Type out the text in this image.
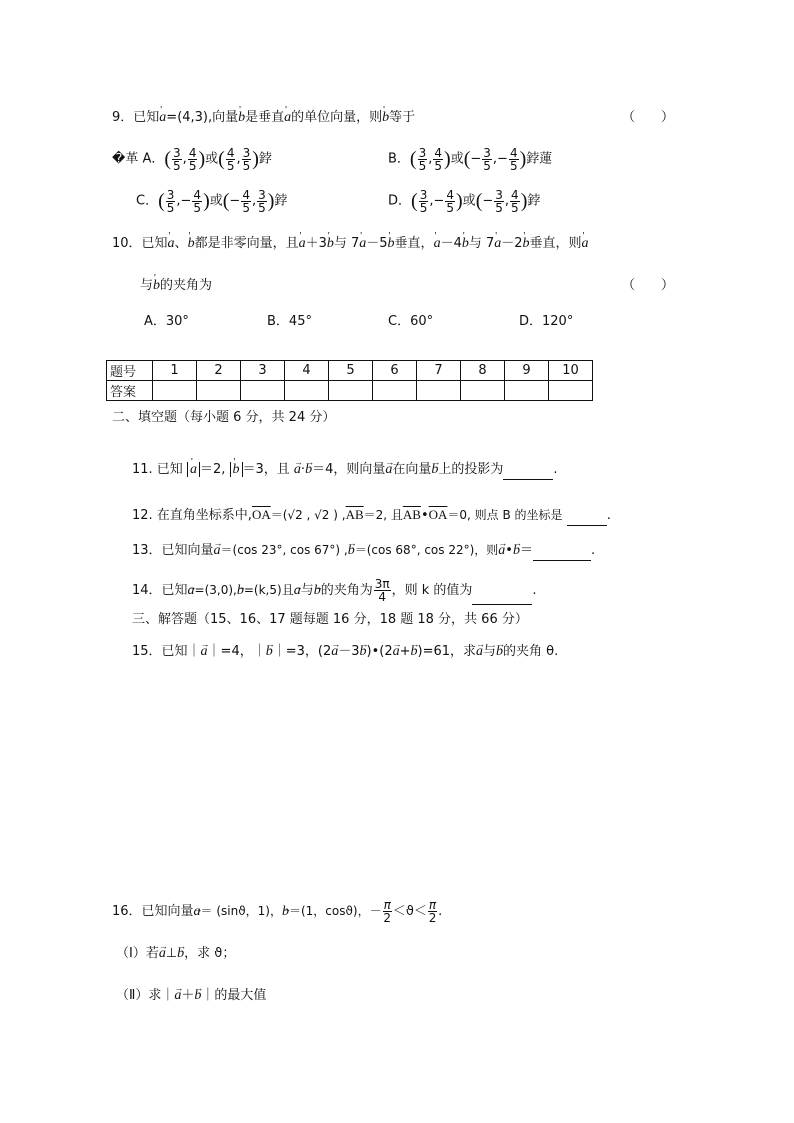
9．已知' a=(4,3),向量' b是垂直' a的单位向量，则' b等于	（　　）
�革 A．( $\frac{3}{5}$ , $\frac{4}{5}$ )或( $\frac{4}{5}$ , $\frac{3}{5}$ )鋍	B．( $\frac{3}{5}$ , $\frac{4}{5}$ )或(− $\frac{3}{5}$ ,− $\frac{4}{5}$ )鋍蓮
C．( $\frac{3}{5}$ ,− $\frac{4}{5}$ )或(− $\frac{4}{5}$ , $\frac{3}{5}$ )鋍	D．( $\frac{3}{5}$ ,− $\frac{4}{5}$ )或(− $\frac{3}{5}$ , $\frac{4}{5}$ )鋍
10．已知' a、' b都是非零向量，且' a＋3' b与 7' a－5' b垂直，' a－4' b与 7' a－2' b垂直，则' a
与' b的夹角为	（　　）
A．30°	B．45°	C．60°	D．120°
题号	1	2	3	4	5	6	7	8	9	10
答案										
二、填空题（每小题 6 分，共 24 分）
11. 已知 ' a ＝2, ' b ＝3，且 → a·→ b＝4，则向量→ a在向量→ b上的投影为	.
12. 在直角坐标系中$,\overline{OA}=(√2$ , √2 ) $,\overline{AB}=2$, 且$\overline{AB}•\overline{OA}=0$, 则点 B 的坐标是	.
13．已知向量→ a＝(cos 23°, cos 67°) ,→ b＝(cos 68°, cos 22°)，则→ a•→ b＝	.
14．已知→ a=(3,0),→ b=(k,5)且→ a与→ b的夹角为 $\frac{3\pi}{4}$ ，则 k 的值为	.
三、解答题（15、16、17 题每题 16 分，18 题 18 分，共 66 分）
15．已知｜→ a｜=4，｜→ b｜=3，(2→ a－3→ b)•(2→ a+→ b)=61，求→ a与→ b的夹角 θ.
16．已知向量→ a＝ (sinϑ，1)，→ b＝(1，cosϑ)，－ $\frac{\pi}{2} <ϑ< \frac{\pi}{2}$ .
（Ⅰ）若→ a⊥→ b，求 ϑ；
（Ⅱ）求｜→ a＋→ b｜的最大值
